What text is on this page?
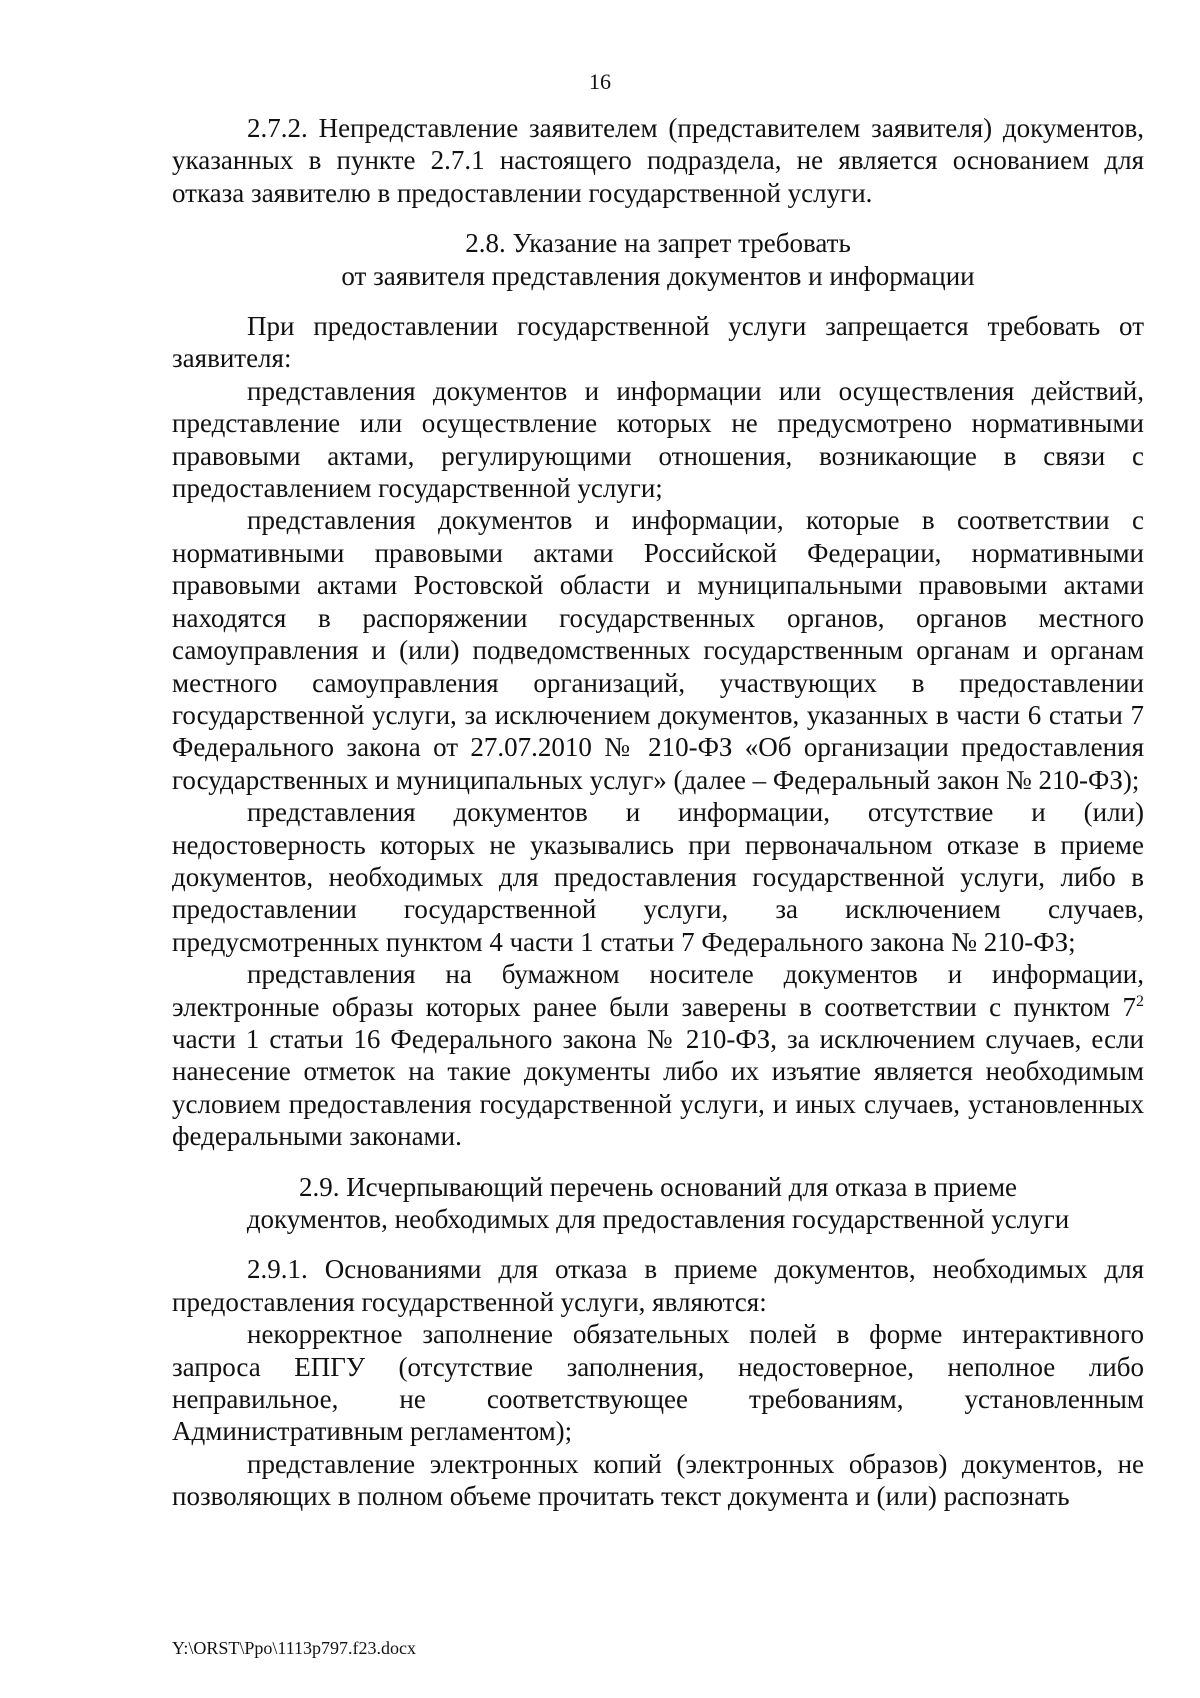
16

2.7.2. Непредставление заявителем (представителем заявителя) документов, указанных в пункте 2.7.1 настоящего подраздела, не является основанием для отказа заявителю в предоставлении государственной услуги.

2.8. Указание на запрет требовать
от заявителя представления документов и информации

При предоставлении государственной услуги запрещается требовать от заявителя:

представления документов и информации или осуществления действий, представление или осуществление которых не предусмотрено нормативными правовыми актами, регулирующими отношения, возникающие в связи с предоставлением государственной услуги;

представления документов и информации, которые в соответствии с нормативными правовыми актами Российской Федерации, нормативными правовыми актами Ростовской области и муниципальными правовыми актами находятся в распоряжении государственных органов, органов местного самоуправления и (или) подведомственных государственным органам и органам местного самоуправления организаций, участвующих в предоставлении государственной услуги, за исключением документов, указанных в части 6 статьи 7 Федерального закона от 27.07.2010 № 210-ФЗ «Об организации предоставления государственных и муниципальных услуг» (далее – Федеральный закон № 210-ФЗ);

представления документов и информации, отсутствие и (или) недостоверность которых не указывались при первоначальном отказе в приеме документов, необходимых для предоставления государственной услуги, либо в предоставлении государственной услуги, за исключением случаев, предусмотренных пунктом 4 части 1 статьи 7 Федерального закона № 210-ФЗ;

представления на бумажном носителе документов и информации, электронные образы которых ранее были заверены в соответствии с пунктом $7^2$ части 1 статьи 16 Федерального закона № 210-ФЗ, за исключением случаев, если нанесение отметок на такие документы либо их изъятие является необходимым условием предоставления государственной услуги, и иных случаев, установленных федеральными законами.

2.9. Исчерпывающий перечень оснований для отказа в приеме
документов, необходимых для предоставления государственной услуги

2.9.1. Основаниями для отказа в приеме документов, необходимых для предоставления государственной услуги, являются:

некорректное заполнение обязательных полей в форме интерактивного запроса ЕПГУ (отсутствие заполнения, недостоверное, неполное либо неправильное, не соответствующее требованиям, установленным Административным регламентом);

представление электронных копий (электронных образов) документов, не позволяющих в полном объеме прочитать текст документа и (или) распознать

Y:\ORST\Ppo\1113p797.f23.docx
